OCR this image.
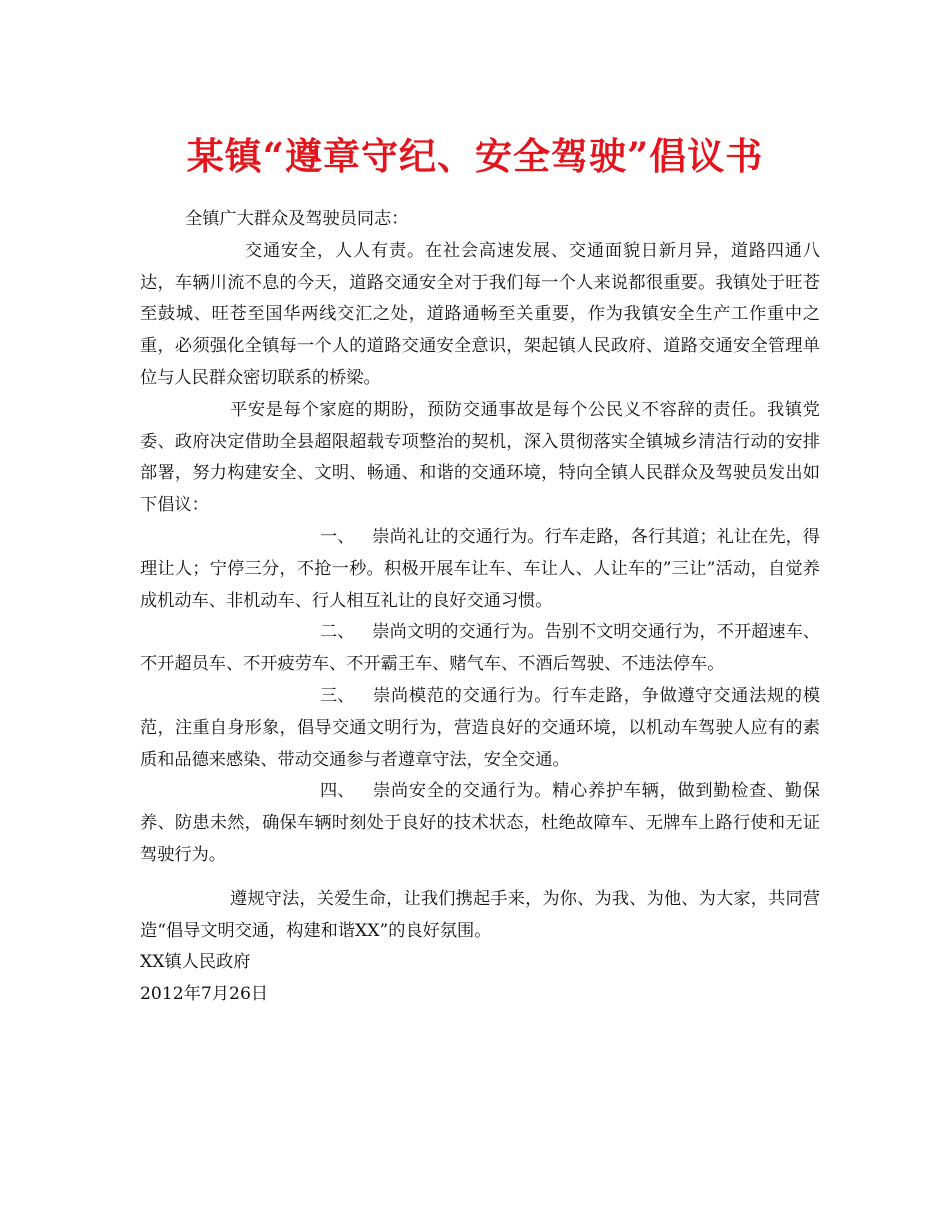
某镇“遵章守纪、安全驾驶”倡议书

全镇广大群众及驾驶员同志：

交通安全，人人有责。在社会高速发展、交通面貌日新月异，道路四通八达，车辆川流不息的今天，道路交通安全对于我们每一个人来说都很重要。我镇处于旺苍至鼓城、旺苍至国华两线交汇之处，道路通畅至关重要，作为我镇安全生产工作重中之重，必须强化全镇每一个人的道路交通安全意识，架起镇人民政府、道路交通安全管理单位与人民群众密切联系的桥梁。

平安是每个家庭的期盼，预防交通事故是每个公民义不容辞的责任。我镇党委、政府决定借助全县超限超载专项整治的契机，深入贯彻落实全镇城乡清洁行动的安排部署，努力构建安全、文明、畅通、和谐的交通环境，特向全镇人民群众及驾驶员发出如下倡议：

一、 崇尚礼让的交通行为。行车走路，各行其道；礼让在先，得理让人；宁停三分，不抢一秒。积极开展车让车、车让人、人让车的”三让”活动，自觉养成机动车、非机动车、行人相互礼让的良好交通习惯。

二、 崇尚文明的交通行为。告别不文明交通行为，不开超速车、不开超员车、不开疲劳车、不开霸王车、赌气车、不酒后驾驶、不违法停车。

三、 崇尚模范的交通行为。行车走路，争做遵守交通法规的模范，注重自身形象，倡导交通文明行为，营造良好的交通环境，以机动车驾驶人应有的素质和品德来感染、带动交通参与者遵章守法，安全交通。

四、 崇尚安全的交通行为。精心养护车辆，做到勤检查、勤保养、防患未然，确保车辆时刻处于良好的技术状态，杜绝故障车、无牌车上路行使和无证驾驶行为。

遵规守法，关爱生命，让我们携起手来，为你、为我、为他、为大家，共同营造“倡导文明交通，构建和谐XX”的良好氛围。

XX镇人民政府

2012年7月26日
